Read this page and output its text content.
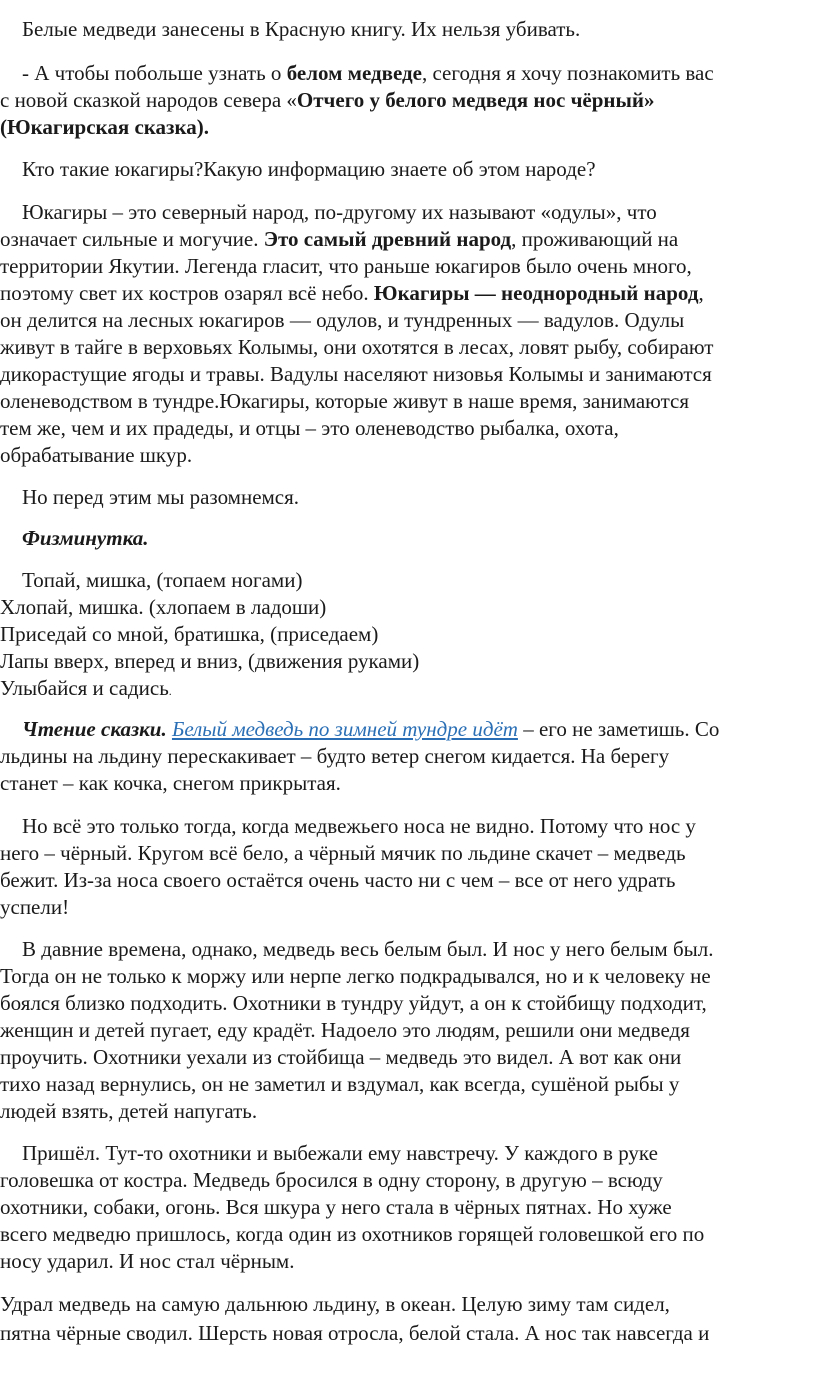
Белые медведи занесены в Красную книгу. Их нельзя убивать.
- А чтобы побольше узнать о белом медведе, сегодня я хочу познакомить вас
с новой сказкой народов севера «Отчего у белого медведя нос чёрный»
(Юкагирская сказка).
Кто такие юкагиры?Какую информацию знаете об этом народе?
Юкагиры – это северный народ, по-другому их называют «одулы», что
означает сильные и могучие. Это самый древний народ, проживающий на
территории Якутии. Легенда гласит, что раньше юкагиров было очень много,
поэтому свет их костров озарял всё небо. Юкагиры — неоднородный народ,
он делится на лесных юкагиров — одулов, и тундренных — вадулов. Одулы
живут в тайге в верховьях Колымы, они охотятся в лесах, ловят рыбу, собирают
дикорастущие ягоды и травы. Вадулы населяют низовья Колымы и занимаются
оленеводством в тундре.Юкагиры, которые живут в наше время, занимаются
тем же, чем и их прадеды, и отцы – это оленеводство рыбалка, охота,
обрабатывание шкур.
Но перед этим мы разомнемся.
Физминутка.
Топай, мишка, (топаем ногами)
Хлопай, мишка. (хлопаем в ладоши)
Приседай со мной, братишка, (приседаем)
Лапы вверх, вперед и вниз, (движения руками)
Улыбайся и садись.
Чтение сказки. Белый медведь по зимней тундре идёт – его не заметишь. Со
льдины на льдину перескакивает – будто ветер снегом кидается. На берегу
станет – как кочка, снегом прикрытая.
Но всё это только тогда, когда медвежьего носа не видно. Потому что нос у
него – чёрный. Кругом всё бело, а чёрный мячик по льдине скачет – медведь
бежит. Из-за носа своего остаётся очень часто ни с чем – все от него удрать
успели!
В давние времена, однако, медведь весь белым был. И нос у него белым был.
Тогда он не только к моржу или нерпе легко подкрадывался, но и к человеку не
боялся близко подходить. Охотники в тундру уйдут, а он к стойбищу подходит,
женщин и детей пугает, еду крадёт. Надоело это людям, решили они медведя
проучить. Охотники уехали из стойбища – медведь это видел. А вот как они
тихо назад вернулись, он не заметил и вздумал, как всегда, сушёной рыбы у
людей взять, детей напугать.
Пришёл. Тут-то охотники и выбежали ему навстречу. У каждого в руке
головешка от костра. Медведь бросился в одну сторону, в другую – всюду
охотники, собаки, огонь. Вся шкура у него стала в чёрных пятнах. Но хуже
всего медведю пришлось, когда один из охотников горящей головешкой его по
носу ударил. И нос стал чёрным.
Удрал медведь на самую дальнюю льдину, в океан. Целую зиму там сидел,
пятна чёрные сводил. Шерсть новая отросла, белой стала. А нос так навсегда и
